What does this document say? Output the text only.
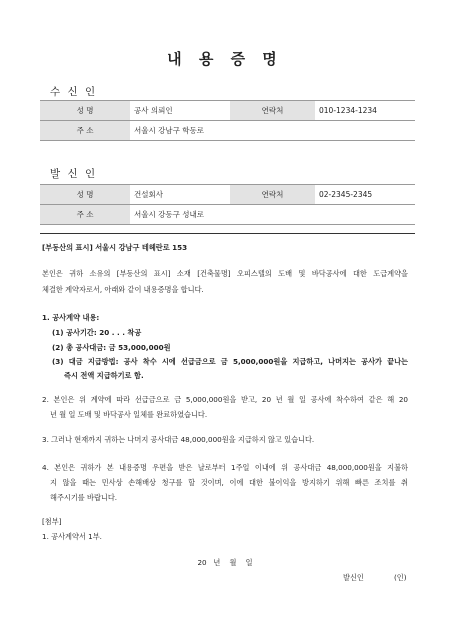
내 용 증 명
수 신 인
성 명	공사 의뢰인	연락처	010-1234-1234
주 소	서울시 강남구 학동로		
발 신 인
성 명	건설회사	연락처	02-2345-2345
주 소	서울시 강동구 성내로		
[부동산의 표시] 서울시 강남구 테헤란로 153
본인은 귀하 소유의 [부동산의 표시] 소재 [건축물명] 오피스텔의 도배 및 바닥공사에 대한 도급계약을
체결한 계약자로서, 아래와 같이 내용증명을 합니다.
1. 공사계약 내용:
(1) 공사기간: 20 . . . 착공
(2) 총 공사대금: 금 53,000,000원
(3) 대금 지급방법: 공사 착수 시에 선급금으로 금 5,000,000원을 지급하고, 나머지는 공사가 끝나는
즉시 전액 지급하기로 함.
2. 본인은 위 계약에 따라 선급금으로 금 5,000,000원을 받고, 20 년 월 일 공사에 착수하여 같은 해 20
년 월 일 도배 및 바닥공사 일체를 완료하였습니다.
3. 그러나 현재까지 귀하는 나머지 공사대금 48,000,000원을 지급하지 않고 있습니다.
4. 본인은 귀하가 본 내용증명 우편을 받은 날로부터 1주일 이내에 위 공사대금 48,000,000원을 지불하
지 않을 때는 민사상 손해배상 청구를 할 것이며, 이에 대한 불이익을 방지하기 위해 빠른 조치를 취
해주시기를 바랍니다.
[첨부]
1. 공사계약서 1부.
20   년    월    일
발신인	(인)
